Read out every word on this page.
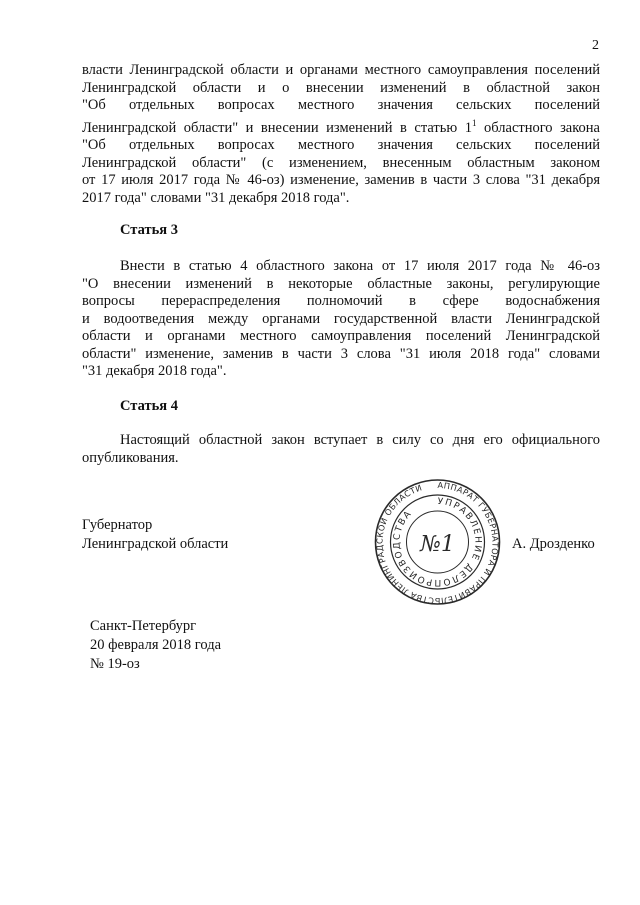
2
власти Ленинградской области и органами местного самоуправления поселений
Ленинградской области и о внесении изменений в областной закон
"Об отдельных вопросах местного значения сельских поселений
Ленинградской области" и внесении изменений в статью $1^1$ областного закона
"Об отдельных вопросах местного значения сельских поселений
Ленинградской области" (с изменением, внесенным областным законом
от 17 июля 2017 года № 46-оз) изменение, заменив в части 3 слова "31 декабря
2017 года" словами "31 декабря 2018 года".
Статья 3
Внести в статью 4 областного закона от 17 июля 2017 года № 46-оз
"О внесении изменений в некоторые областные законы, регулирующие
вопросы перераспределения полномочий в сфере водоснабжения
и водоотведения между органами государственной власти Ленинградской
области и органами местного самоуправления поселений Ленинградской
области" изменение, заменив в части 3 слова "31 июля 2018 года" словами
"31 декабря 2018 года".
Статья 4
Настоящий областной закон вступает в силу со дня его официального
опубликования.
Губернатор
Ленинградской области	А. Дрозденко
АППАРАТ ГУБЕРНАТОРА И ПРАВИТЕЛЬСТВА ЛЕНИНГРАДСКОЙ ОБЛАСТИ
УПРАВЛЕНИЕ ДЕЛОПРОИЗВОДСТВА
№1
Санкт-Петербург
20 февраля 2018 года
№ 19-оз
